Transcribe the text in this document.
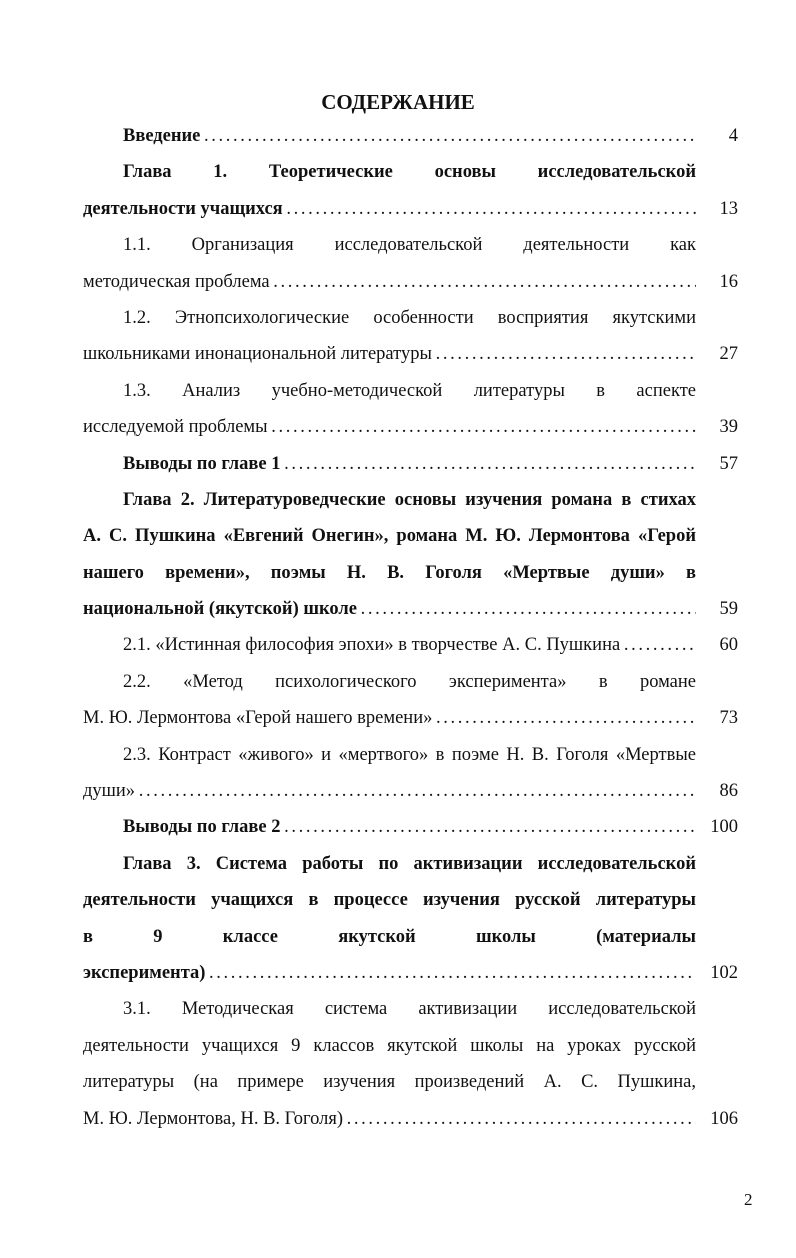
СОДЕРЖАНИЕ
Введение . . .	4
Глава 1. Теоретические основы исследовательской
деятельности учащихся . . .	13
1.1. Организация исследовательской деятельности как
методическая проблема . . .	16
1.2. Этнопсихологические особенности восприятия якутскими
школьниками инонациональной литературы . . .	27
1.3. Анализ учебно-методической литературы в аспекте
исследуемой проблемы . . .	39
Выводы по главе 1 . . .	57
Глава 2. Литературоведческие основы изучения романа в стихах
А. С. Пушкина «Евгений Онегин», романа М. Ю. Лермонтова «Герой
нашего времени», поэмы Н. В. Гоголя «Мертвые души» в
национальной (якутской) школе . . .	59
2.1. «Истинная философия эпохи» в творчестве А. С. Пушкина . . .	60
2.2. «Метод психологического эксперимента» в романе
М. Ю. Лермонтова «Герой нашего времени» . . .	73
2.3. Контраст «живого» и «мертвого» в поэме Н. В. Гоголя «Мертвые
души» . . .	86
Выводы по главе 2 . . .	100
Глава 3. Система работы по активизации исследовательской
деятельности учащихся в процессе изучения русской литературы
в 9 классе якутской школы (материалы
эксперимента) . . .	102
3.1. Методическая система активизации исследовательской
деятельности учащихся 9 классов якутской школы на уроках русской
литературы (на примере изучения произведений А. С. Пушкина,
М. Ю. Лермонтова, Н. В. Гоголя) . . .	106
2
